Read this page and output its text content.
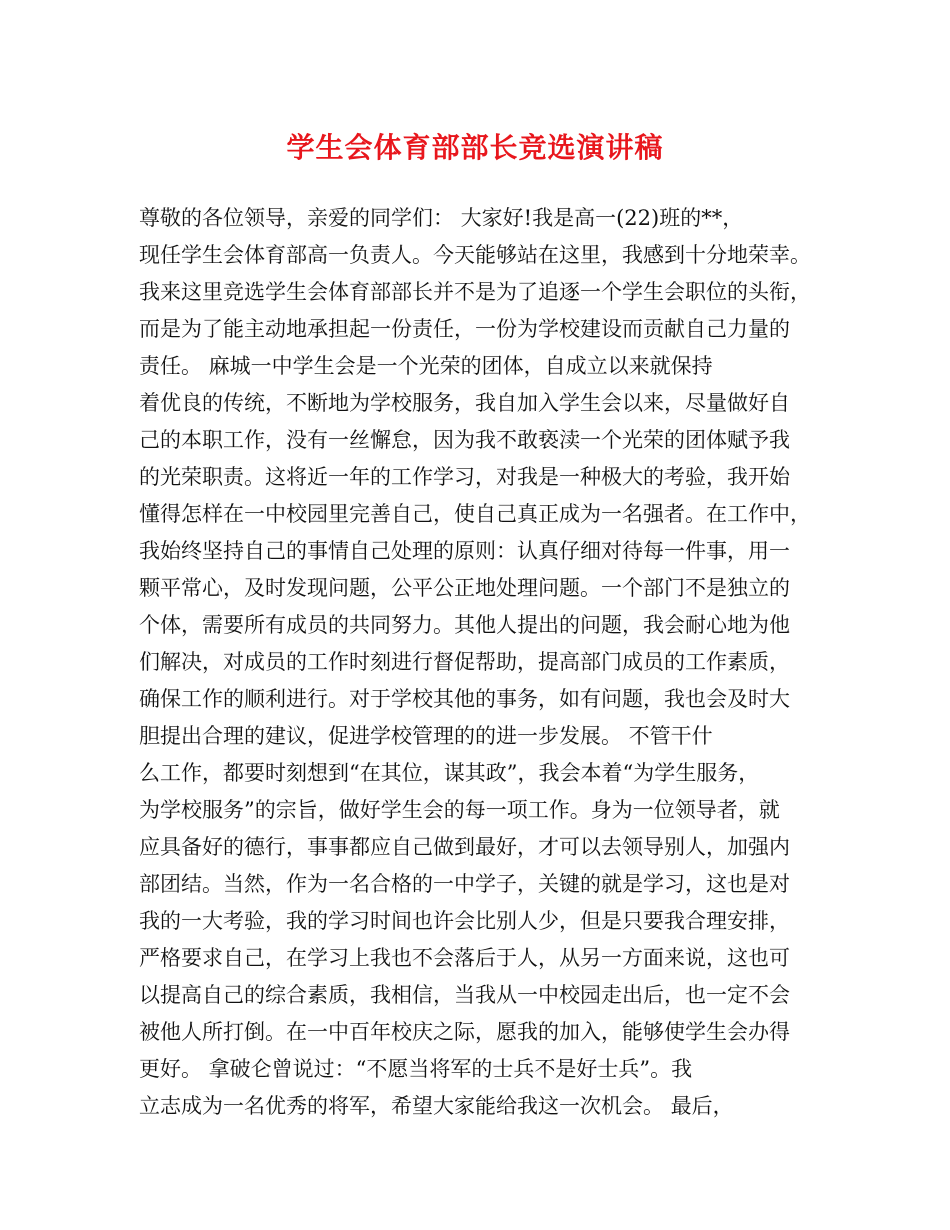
学生会体育部部长竞选演讲稿
尊敬的各位领导，亲爱的同学们： 大家好!我是高一(22)班的**，
现任学生会体育部高一负责人。今天能够站在这里，我感到十分地荣幸。
我来这里竞选学生会体育部部长并不是为了追逐一个学生会职位的头衔，
而是为了能主动地承担起一份责任，一份为学校建设而贡献自己力量的
责任。 麻城一中学生会是一个光荣的团体，自成立以来就保持
着优良的传统，不断地为学校服务，我自加入学生会以来，尽量做好自
己的本职工作，没有一丝懈怠，因为我不敢亵渎一个光荣的团体赋予我
的光荣职责。这将近一年的工作学习，对我是一种极大的考验，我开始
懂得怎样在一中校园里完善自己，使自己真正成为一名强者。在工作中，
我始终坚持自己的事情自己处理的原则：认真仔细对待每一件事，用一
颗平常心，及时发现问题，公平公正地处理问题。一个部门不是独立的
个体，需要所有成员的共同努力。其他人提出的问题，我会耐心地为他
们解决，对成员的工作时刻进行督促帮助，提高部门成员的工作素质，
确保工作的顺利进行。对于学校其他的事务，如有问题，我也会及时大
胆提出合理的建议，促进学校管理的的进一步发展。 不管干什
么工作，都要时刻想到“在其位，谋其政”，我会本着“为学生服务，
为学校服务”的宗旨，做好学生会的每一项工作。身为一位领导者，就
应具备好的德行，事事都应自己做到最好，才可以去领导别人，加强内
部团结。当然，作为一名合格的一中学子，关键的就是学习，这也是对
我的一大考验，我的学习时间也许会比别人少，但是只要我合理安排，
严格要求自己，在学习上我也不会落后于人，从另一方面来说，这也可
以提高自己的综合素质，我相信，当我从一中校园走出后，也一定不会
被他人所打倒。在一中百年校庆之际，愿我的加入，能够使学生会办得
更好。 拿破仑曾说过：“不愿当将军的士兵不是好士兵”。我
立志成为一名优秀的将军，希望大家能给我这一次机会。 最后，
